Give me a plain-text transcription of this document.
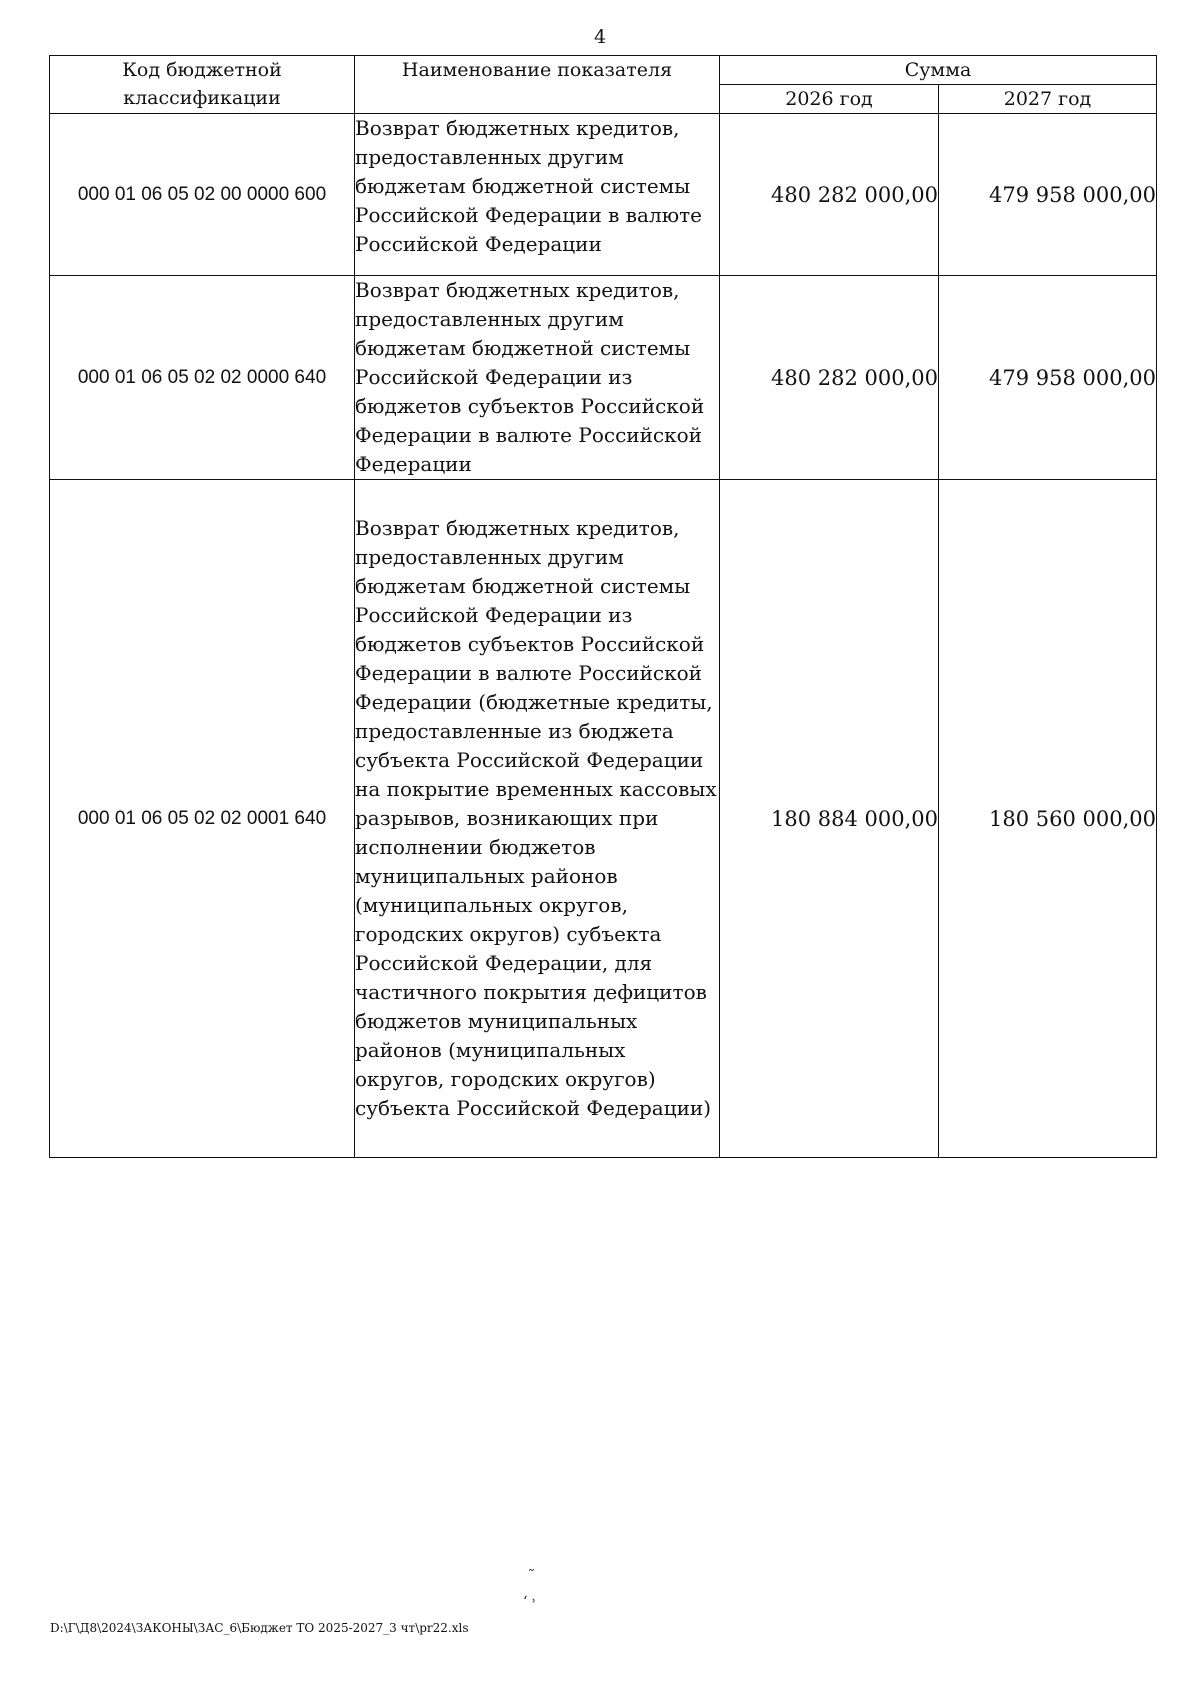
4
Код бюджетной классификации	Наименование показателя	Сумма	
		2026 год	2027 год
000 01 06 05 02 00 0000 600	Возврат бюджетных кредитов, предоставленных другим бюджетам бюджетной системы Российской Федерации в валюте Российской Федерации	480 282 000,00	479 958 000,00
000 01 06 05 02 02 0000 640	Возврат бюджетных кредитов, предоставленных другим бюджетам бюджетной системы Российской Федерации из бюджетов субъектов Российской Федерации в валюте Российской Федерации	480 282 000,00	479 958 000,00
000 01 06 05 02 02 0001 640	Возврат бюджетных кредитов, предоставленных другим бюджетам бюджетной системы Российской Федерации из бюджетов субъектов Российской Федерации в валюте Российской Федерации (бюджетные кредиты, предоставленные из бюджета субъекта Российской Федерации на покрытие временных кассовых разрывов, возникающих при исполнении бюджетов муниципальных районов (муниципальных округов, городских округов) субъекта Российской Федерации, для частичного покрытия дефицитов бюджетов муниципальных районов (муниципальных округов, городских округов) субъекта Российской Федерации)	180 884 000,00	180 560 000,00
˜
‘ ˒
D:\Г\Д8\2024\ЗАКОНЫ\ЗАС_6\Бюджет ТО 2025-2027_3 чт\pr22.xls
